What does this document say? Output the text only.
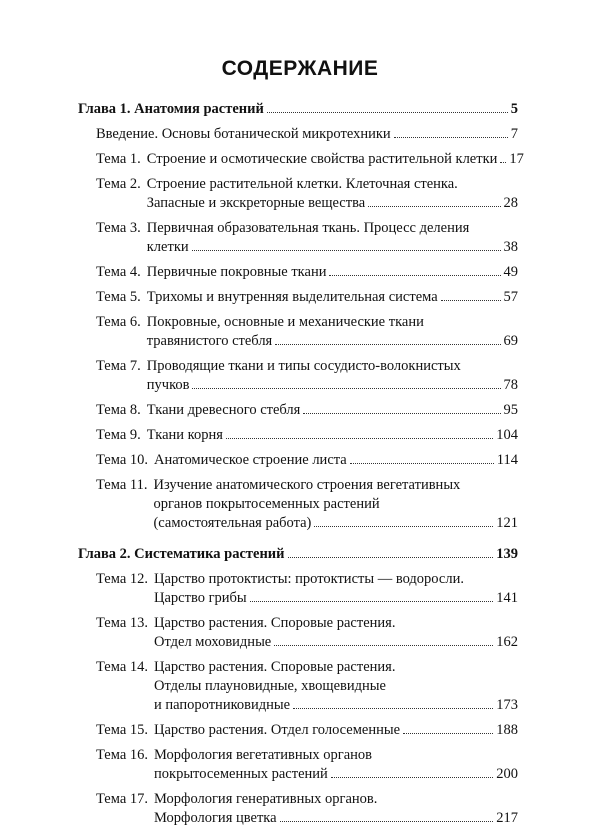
СОДЕРЖАНИЕ
Глава 1. Анатомия растений	5
Введение. Основы ботанической микротехники	7
Тема 1. Строение и осмотические свойства растительной клетки 17
Тема 2. Строение растительной клетки. Клеточная стенка.
Запасные и экскреторные вещества	28
Тема 3. Первичная образовательная ткань. Процесс деления
клетки	38
Тема 4. Первичные покровные ткани	49
Тема 5. Трихомы и внутренняя выделительная система	57
Тема 6. Покровные, основные и механические ткани
травянистого стебля	69
Тема 7. Проводящие ткани и типы сосудисто-волокнистых
пучков	78
Тема 8. Ткани древесного стебля	95
Тема 9. Ткани корня	104
Тема 10. Анатомическое строение листа	114
Тема 11. Изучение анатомического строения вегетативных
органов покрытосеменных растений
(самостоятельная работа)	121
Глава 2. Систематика растений	139
Тема 12. Царство протоктисты: протоктисты — водоросли.
Царство грибы	141
Тема 13. Царство растения. Споровые растения.
Отдел моховидные	162
Тема 14. Царство растения. Споровые растения.
Отделы плауновидные, хвощевидные
и папоротниковидные	173
Тема 15. Царство растения. Отдел голосеменные	188
Тема 16. Морфология вегетативных органов
покрытосеменных растений	200
Тема 17. Морфология генеративных органов.
Морфология цветка	217
